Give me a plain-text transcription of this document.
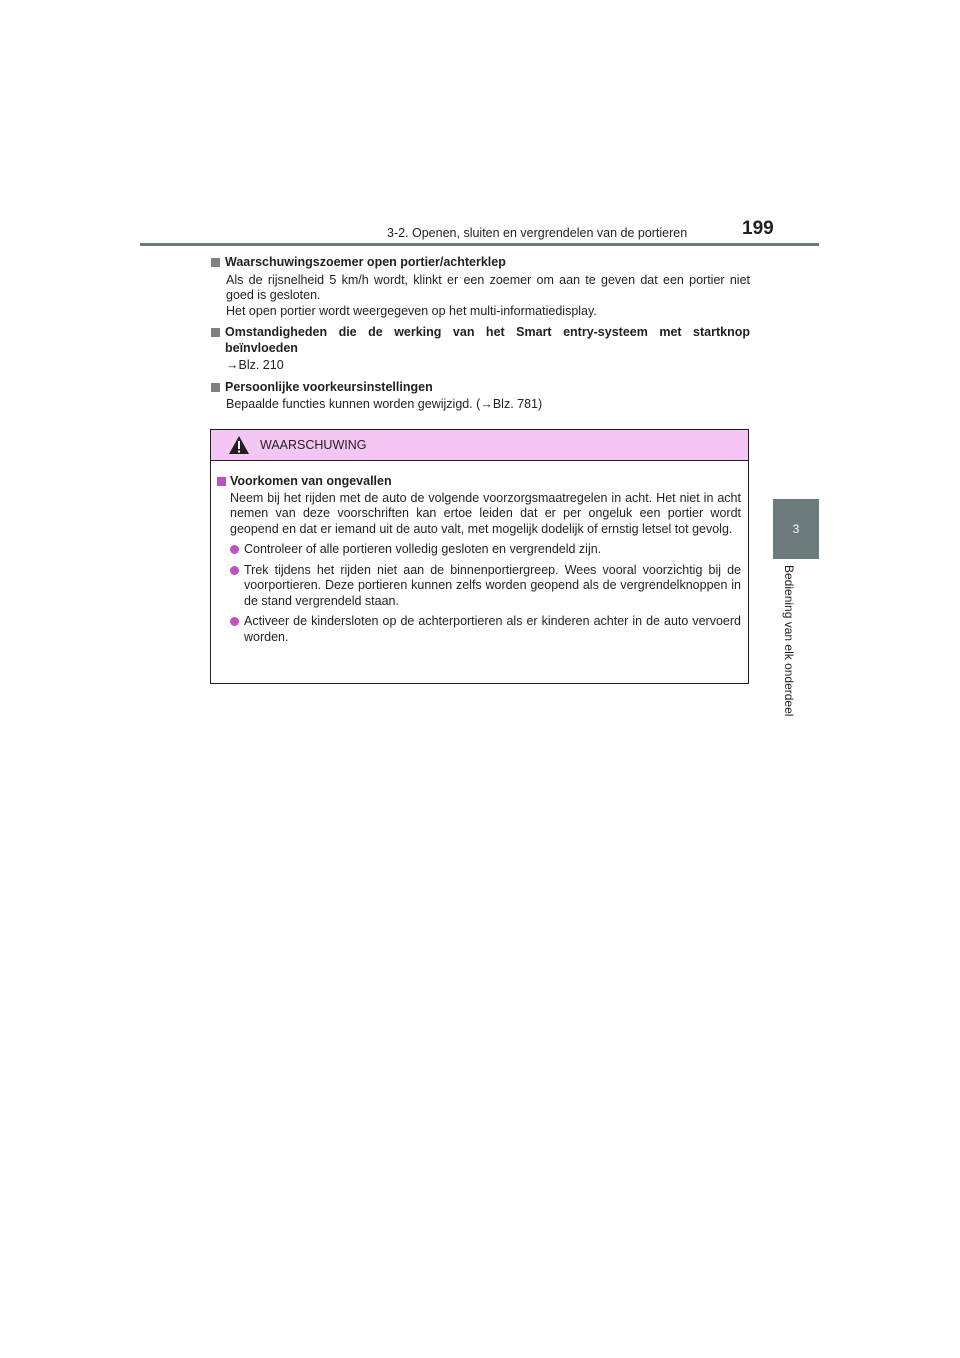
3-2. Openen, sluiten en vergrendelen van de portieren	199
3
Bediening van elk onderdeel
Waarschuwingszoemer open portier/achterklep

Als de rijsnelheid 5 km/h wordt, klinkt er een zoemer om aan te geven dat een portier niet goed is gesloten.

Het open portier wordt weergegeven op het multi-informatiedisplay.

Omstandigheden die de werking van het Smart entry-systeem met startknop beïnvloeden

→Blz. 210

Persoonlijke voorkeursinstellingen

Bepaalde functies kunnen worden gewijzigd. (→Blz. 781)

WAARSCHUWING
Voorkomen van ongevallen
Neem bij het rijden met de auto de volgende voorzorgsmaatregelen in acht. Het niet in acht nemen van deze voorschriften kan ertoe leiden dat er per ongeluk een portier wordt geopend en dat er iemand uit de auto valt, met mogelijk dodelijk of ernstig letsel tot gevolg.
Controleer of alle portieren volledig gesloten en vergrendeld zijn.
Trek tijdens het rijden niet aan de binnenportiergreep. Wees vooral voorzichtig bij de voorportieren. Deze portieren kunnen zelfs worden geopend als de vergrendelknoppen in de stand vergrendeld staan.
Activeer de kindersloten op de achterportieren als er kinderen achter in de auto vervoerd worden.
